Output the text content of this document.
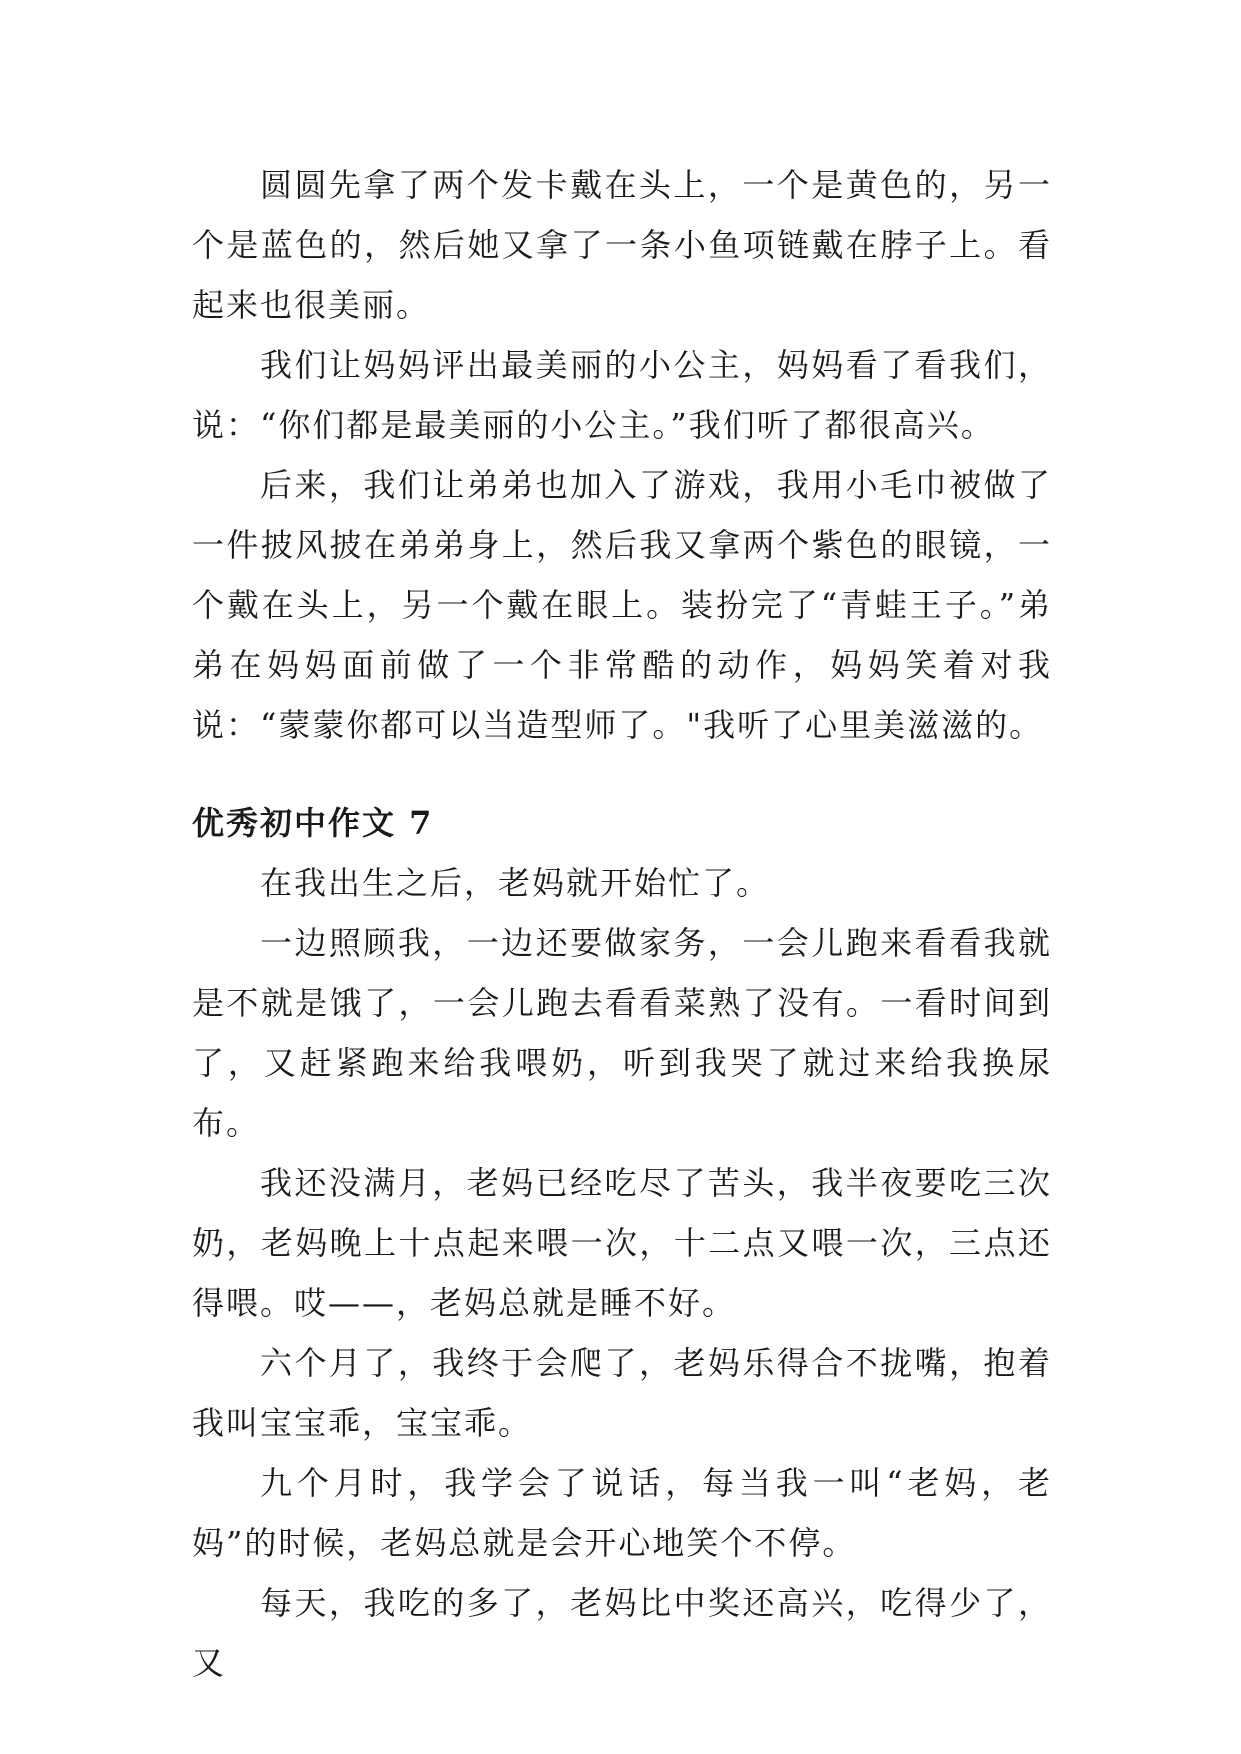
圆圆先拿了两个发卡戴在头上，一个是黄色的，另一个是蓝色的，然后她又拿了一条小鱼项链戴在脖子上。看起来也很美丽。

我们让妈妈评出最美丽的小公主，妈妈看了看我们，说：“你们都是最美丽的小公主。”我们听了都很高兴。

后来，我们让弟弟也加入了游戏，我用小毛巾被做了一件披风披在弟弟身上，然后我又拿两个紫色的眼镜，一个戴在头上，另一个戴在眼上。装扮完了“青蛙王子。”弟弟在妈妈面前做了一个非常酷的动作，妈妈笑着对我说：“蒙蒙你都可以当造型师了。"我听了心里美滋滋的。

优秀初中作文 7

在我出生之后，老妈就开始忙了。

一边照顾我，一边还要做家务，一会儿跑来看看我就是不就是饿了，一会儿跑去看看菜熟了没有。一看时间到了，又赶紧跑来给我喂奶，听到我哭了就过来给我换尿布。

我还没满月，老妈已经吃尽了苦头，我半夜要吃三次奶，老妈晚上十点起来喂一次，十二点又喂一次，三点还得喂。哎——，老妈总就是睡不好。

六个月了，我终于会爬了，老妈乐得合不拢嘴，抱着我叫宝宝乖，宝宝乖。

九个月时，我学会了说话，每当我一叫“老妈，老妈”的时候，老妈总就是会开心地笑个不停。

每天，我吃的多了，老妈比中奖还高兴，吃得少了，又
